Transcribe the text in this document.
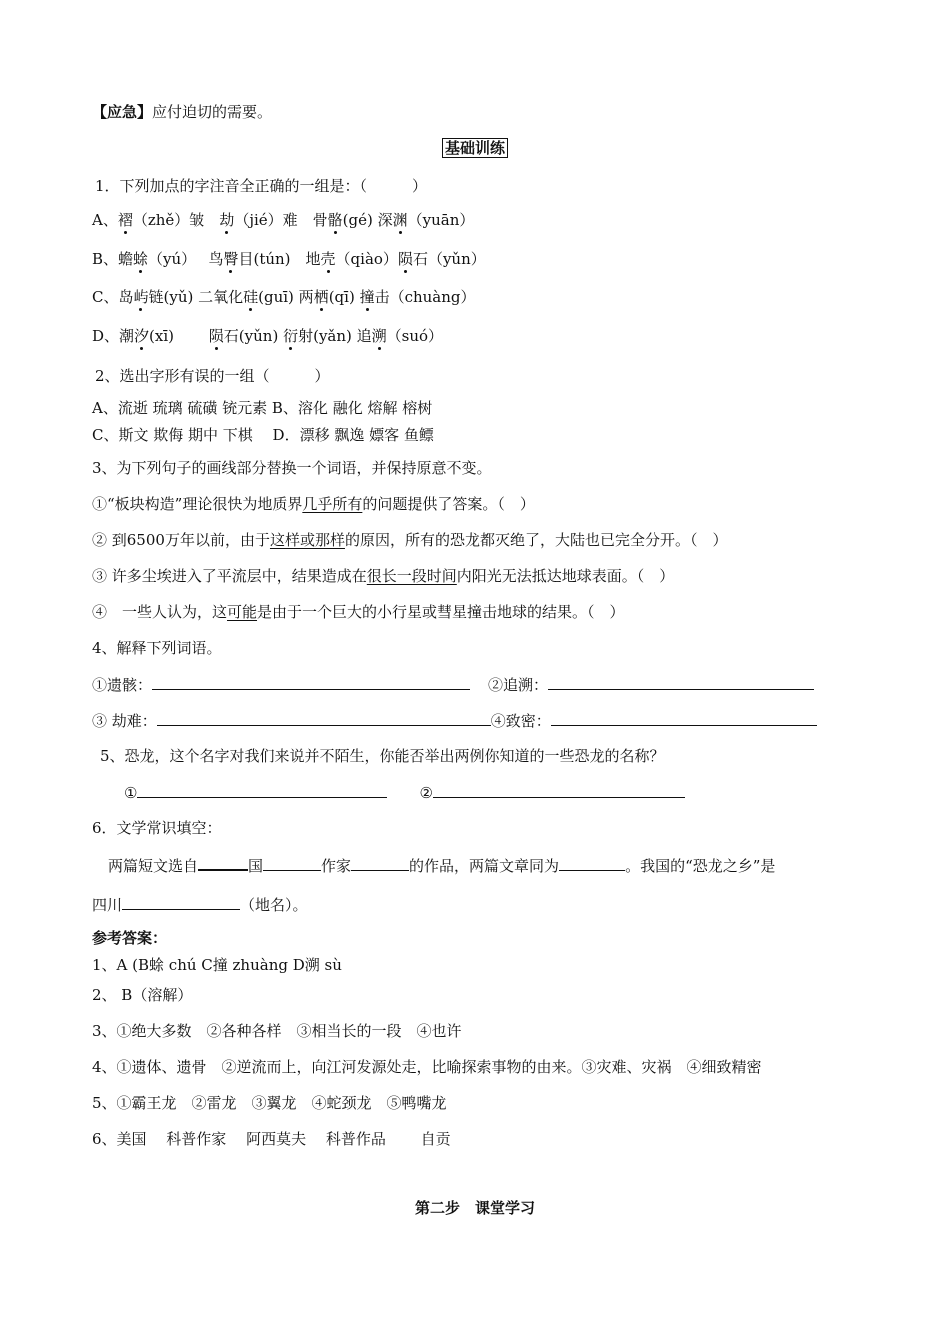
【应急】应付迫切的需要。
基础训练
1．下列加点的字注音全正确的一组是：（　　　）
A、褶（zhě）皱　劫（jié）难　骨骼(gé) 深渊（yuān）
B、蟾蜍（yú）　 鸟臀目(tún)　地壳（qiào）陨石（yǔn）
C、岛屿链(yǔ) 二氧化硅(guī) 两栖(qī) 撞击（chuàng）
D、潮汐(xī)　　 陨石(yǔn) 衍射(yǎn) 追溯（suó）
2、选出字形有误的一组（　　　）
A、流逝 琉璃 硫磺 铳元素 B、溶化 融化 熔解 榕树
C、斯文 欺侮 期中 下棋　 D．漂移 飘逸 嫖客 鱼鳔
3、为下列句子的画线部分替换一个词语，并保持原意不变。
①“板块构造”理论很快为地质界几乎所有的问题提供了答案。（　）
② 到6500万年以前，由于这样或那样的原因，所有的恐龙都灭绝了，大陆也已完全分开。（　）
③ 许多尘埃进入了平流层中，结果造成在很长一段时间内阳光无法抵达地球表面。（　）
④　一些人认为，这可能是由于一个巨大的小行星或彗星撞击地球的结果。（　）
4、解释下列词语。
①遗骸：	②追溯：
③ 劫难：	④致密：
5、恐龙，这个名字对我们来说并不陌生，你能否举出两例你知道的一些恐龙的名称？
①	②
6．文学常识填空：
两篇短文选自	国	作家	的作品，两篇文章同为	。我国的“恐龙之乡”是
四川	（地名）。
参考答案：
1、A (B蜍 chú C撞 zhuàng D溯 sù
2、 B（溶解）
3、①绝大多数　②各种各样　③相当长的一段　④也许
4、①遗体、遗骨　②逆流而上，向江河发源处走，比喻探索事物的由来。③灾难、灾祸　④细致精密
5、①霸王龙　②雷龙　③翼龙　④蛇颈龙　⑤鸭嘴龙
6、美国　 科普作家　 阿西莫夫　 科普作品　　 自贡
第二步　课堂学习
